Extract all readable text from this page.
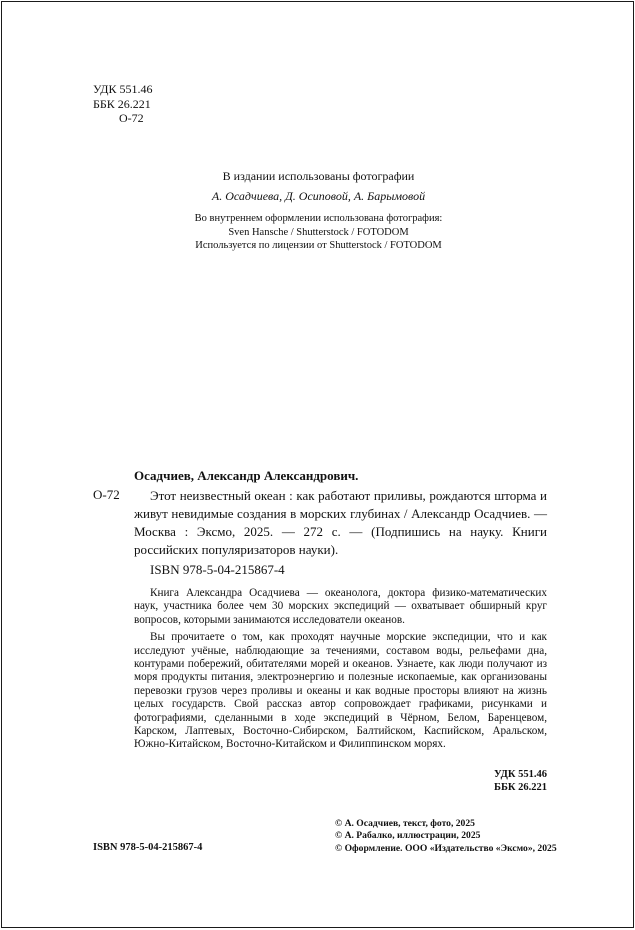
УДК 551.46
ББК 26.221
О-72
В издании использованы фотографии
А. Осадчиева, Д. Осиповой, А. Барымовой
Во внутреннем оформлении использована фотография:
Sven Hansche / Shutterstock / FOTODOM
Используется по лицензии от Shutterstock / FOTODOM
Осадчиев, Александр Александрович.
О-72	Этот неизвестный океан : как работают приливы, рождаются шторма и живут невидимые создания в морских глубинах / Александр Осадчиев. — Москва : Эксмо, 2025. — 272 с. — (Подпишись на науку. Книги российских популяризаторов науки).
ISBN 978-5-04-215867-4

Книга Александра Осадчиева — океанолога, доктора физико-математических наук, участника более чем 30 морских экспедиций — охватывает обширный круг вопросов, которыми занимаются исследователи океанов.

Вы прочитаете о том, как проходят научные морские экспедиции, что и как исследуют учёные, наблюдающие за течениями, составом воды, рельефами дна, контурами побережий, обитателями морей и океанов. Узнаете, как люди получают из моря продукты питания, электроэнергию и полезные ископаемые, как организованы перевозки грузов через проливы и океаны и как водные просторы влияют на жизнь целых государств. Свой рассказ автор сопровождает графиками, рисунками и фотографиями, сделанными в ходе экспедиций в Чёрном, Белом, Баренцевом, Карском, Лаптевых, Восточно-Сибирском, Балтийском, Каспийском, Аральском, Южно-Китайском, Восточно-Китайском и Филиппинском морях.

УДК 551.46
ББК 26.221
© А. Осадчиев, текст, фото, 2025
© А. Рабалко, иллюстрации, 2025
© Оформление. ООО «Издательство «Эксмо», 2025
ISBN 978-5-04-215867-4
